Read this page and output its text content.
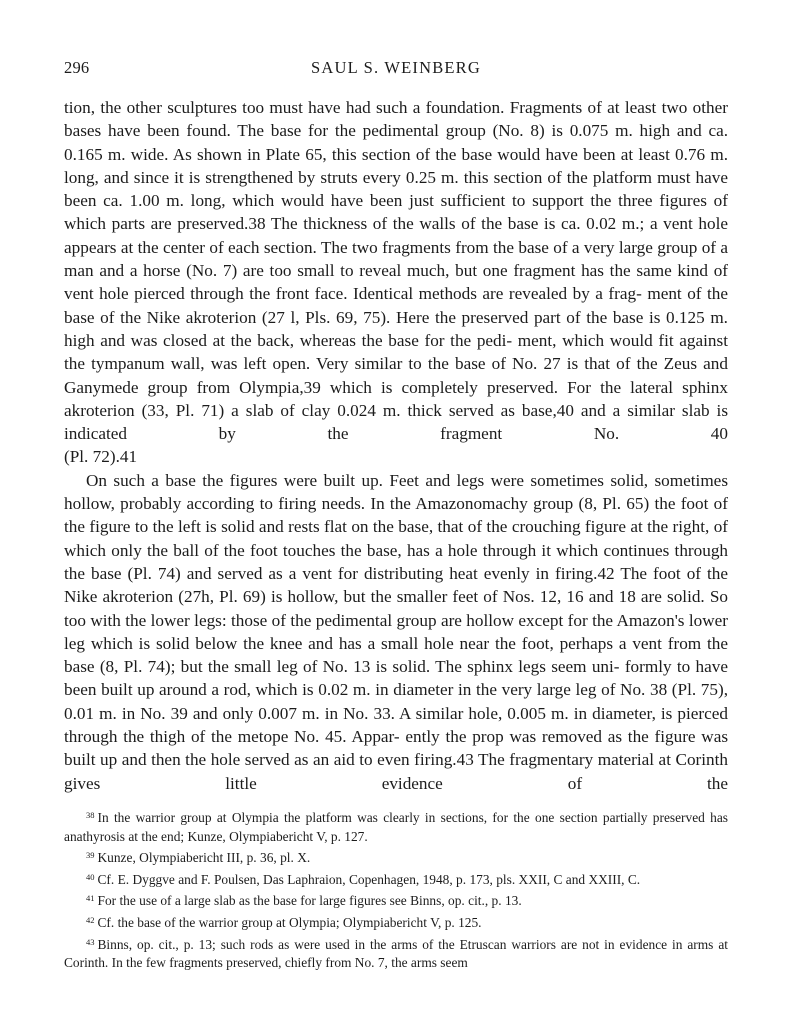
296	SAUL S. WEINBERG

tion, the other sculptures too must have had such a foundation. Fragments of at least two other bases have been found. The base for the pedimental group (No. 8) is 0.075 m. high and ca. 0.165 m. wide. As shown in Plate 65, this section of the base would have been at least 0.76 m. long, and since it is strengthened by struts every 0.25 m. this section of the platform must have been ca. 1.00 m. long, which would have been just sufficient to support the three figures of which parts are preserved.38 The thickness of the walls of the base is ca. 0.02 m.; a vent hole appears at the center of each section. The two fragments from the base of a very large group of a man and a horse (No. 7) are too small to reveal much, but one fragment has the same kind of vent hole pierced through the front face. Identical methods are revealed by a frag- ment of the base of the Nike akroterion (27 l, Pls. 69, 75). Here the preserved part of the base is 0.125 m. high and was closed at the back, whereas the base for the pedi- ment, which would fit against the tympanum wall, was left open. Very similar to the base of No. 27 is that of the Zeus and Ganymede group from Olympia,39 which is completely preserved. For the lateral sphinx akroterion (33, Pl. 71) a slab of clay 0.024 m. thick served as base,40 and a similar slab is indicated by the fragment No. 40

(Pl. 72).41

On such a base the figures were built up. Feet and legs were sometimes solid, sometimes hollow, probably according to firing needs. In the Amazonomachy group (8, Pl. 65) the foot of the figure to the left is solid and rests flat on the base, that of the crouching figure at the right, of which only the ball of the foot touches the base, has a hole through it which continues through the base (Pl. 74) and served as a vent for distributing heat evenly in firing.42 The foot of the Nike akroterion (27h, Pl. 69) is hollow, but the smaller feet of Nos. 12, 16 and 18 are solid. So too with the lower legs: those of the pedimental group are hollow except for the Amazon's lower leg which is solid below the knee and has a small hole near the foot, perhaps a vent from the base (8, Pl. 74); but the small leg of No. 13 is solid. The sphinx legs seem uni- formly to have been built up around a rod, which is 0.02 m. in diameter in the very large leg of No. 38 (Pl. 75), 0.01 m. in No. 39 and only 0.007 m. in No. 33. A similar hole, 0.005 m. in diameter, is pierced through the thigh of the metope No. 45. Appar- ently the prop was removed as the figure was built up and then the hole served as an aid to even firing.43 The fragmentary material at Corinth gives little evidence of the

$^{38}$ In the warrior group at Olympia the platform was clearly in sections, for the one section partially preserved has anathyrosis at the end; Kunze, Olympiabericht V, p. 127.

$^{39}$ Kunze, Olympiabericht III, p. 36, pl. X.

$^{40}$ Cf. E. Dyggve and F. Poulsen, Das Laphraion, Copenhagen, 1948, p. 173, pls. XXII, C and XXIII, C.

$^{41}$ For the use of a large slab as the base for large figures see Binns, op. cit., p. 13.

$^{42}$ Cf. the base of the warrior group at Olympia; Olympiabericht V, p. 125.

$^{43}$ Binns, op. cit., p. 13; such rods as were used in the arms of the Etruscan warriors are not in evidence in arms at Corinth. In the few fragments preserved, chiefly from No. 7, the arms seem
